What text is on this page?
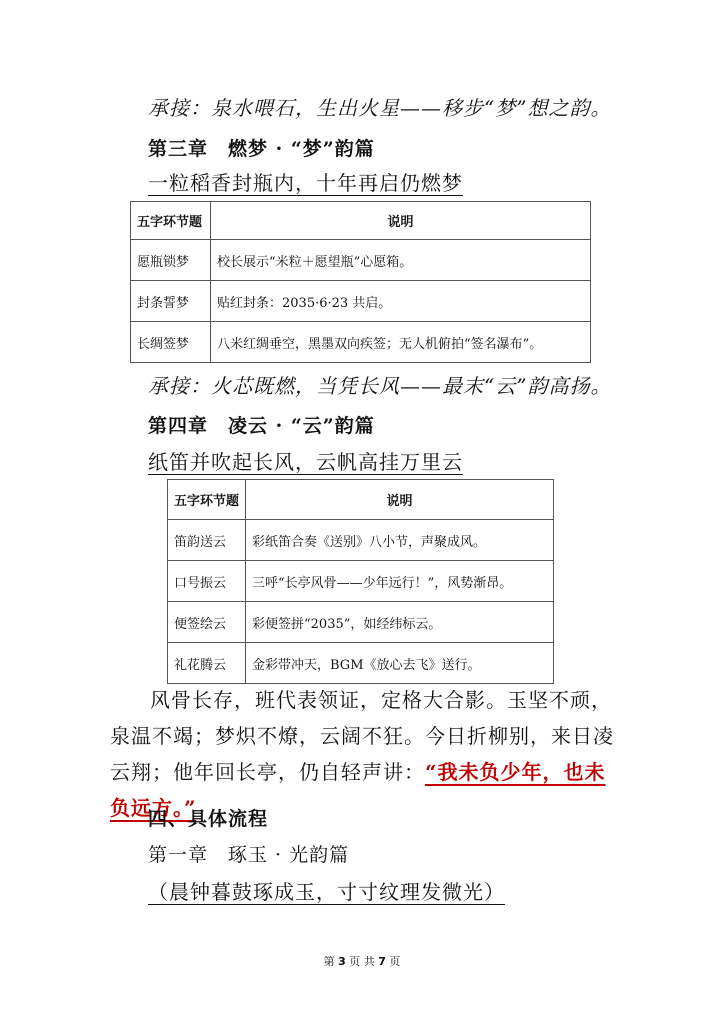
承接：泉水喂石，生出火星——移步“梦”想之韵。
第三章　燃梦 · “梦”韵篇
一粒稻香封瓶内，十年再启仍燃梦
五字环节题	说明
愿瓶锁梦	校长展示“米粒＋愿望瓶”心愿箱。
封条誓梦	贴红封条：2035·6·23 共启。
长绸签梦	八米红绸垂空，黑墨双向疾签；无人机俯拍“签名瀑布”。
承接：火芯既燃，当凭长风——最末“云”韵高扬。
第四章　凌云 · “云”韵篇
纸笛并吹起长风，云帆高挂万里云
五字环节题	说明
笛韵送云	彩纸笛合奏《送别》八小节，声聚成风。
口号振云	三呼“长亭风骨——少年远行！”，风势渐昂。
便签绘云	彩便签拼“2035”，如经纬标云。
礼花腾云	金彩带冲天，BGM《放心去飞》送行。
风骨长存，班代表领证，定格大合影。玉坚不顽，泉温不竭；梦炽不燎，云阔不狂。今日折柳别，来日凌云翔；他年回长亭，仍自轻声讲：“我未负少年，也未负远方。”
四、具体流程
第一章　琢玉 · 光韵篇
（晨钟暮鼓琢成玉，寸寸纹理发微光）
第 3 页 共 7 页
